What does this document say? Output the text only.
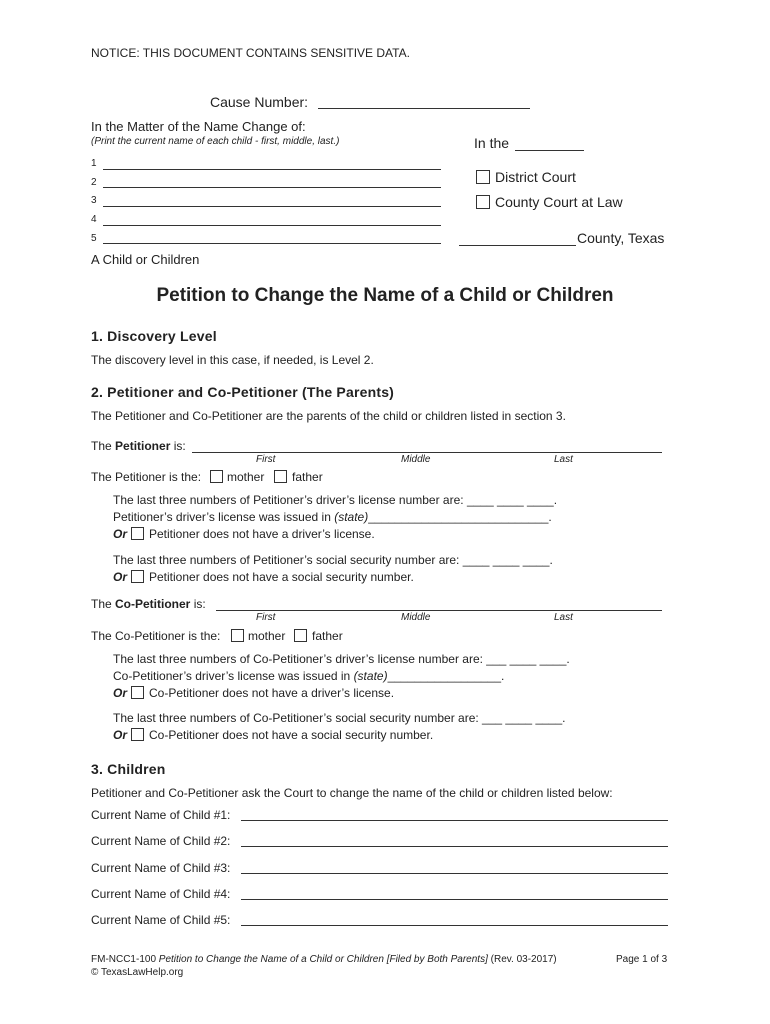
NOTICE: THIS DOCUMENT CONTAINS SENSITIVE DATA.
Cause Number:
In the Matter of the Name Change of:
(Print the current name of each child - first, middle, last.)
1
2
3
4
5
A Child or Children
In the
District Court
County Court at Law
County, Texas
Petition to Change the Name of a Child or Children
1. Discovery Level
The discovery level in this case, if needed, is Level 2.
2. Petitioner and Co-Petitioner (The Parents)
The Petitioner and Co-Petitioner are the parents of the child or children listed in section 3.
The Petitioner is:
First	Middle	Last
The Petitioner is the: mother father
The last three numbers of Petitioner’s driver’s license number are: ____ ____ ____.
Petitioner’s driver’s license was issued in (state)___________________________.
Or Petitioner does not have a driver’s license.
The last three numbers of Petitioner’s social security number are: ____ ____ ____.
Or Petitioner does not have a social security number.
The Co-Petitioner is:
First	Middle	Last
The Co-Petitioner is the: mother father
The last three numbers of Co-Petitioner’s driver’s license number are: ___ ____ ____.
Co-Petitioner’s driver’s license was issued in (state)_________________.
Or Co-Petitioner does not have a driver’s license.
The last three numbers of Co-Petitioner’s social security number are: ___ ____ ____.
Or Co-Petitioner does not have a social security number.
3. Children
Petitioner and Co-Petitioner ask the Court to change the name of the child or children listed below:
Current Name of Child #1:
Current Name of Child #2:
Current Name of Child #3:
Current Name of Child #4:
Current Name of Child #5:
FM-NCC1-100 Petition to Change the Name of a Child or Children [Filed by Both Parents] (Rev. 03-2017)
© TexasLawHelp.org
Page 1 of 3
